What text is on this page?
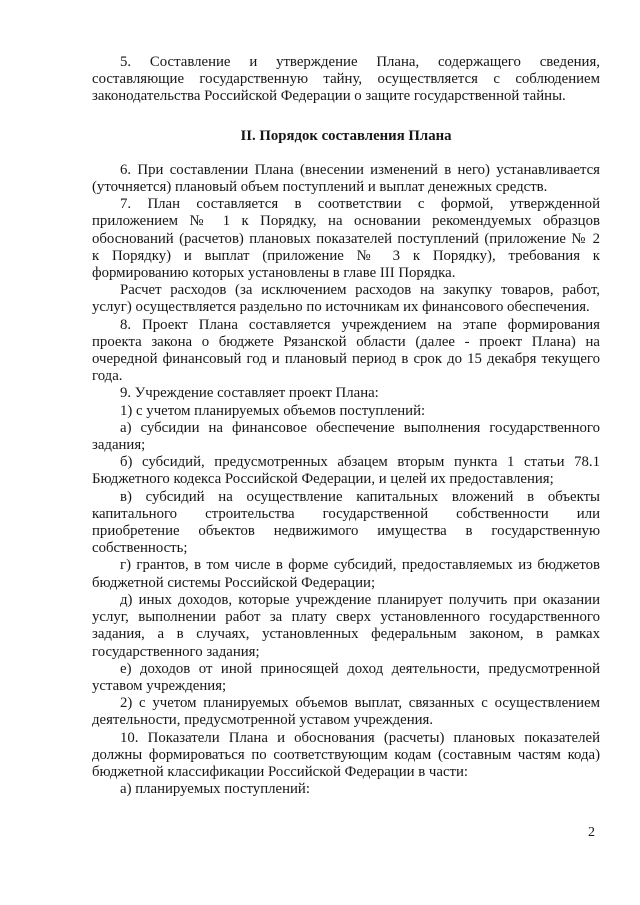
5. Составление и утверждение Плана, содержащего сведения,
составляющие государственную тайну, осуществляется с соблюдением
законодательства Российской Федерации о защите государственной тайны.
II. Порядок составления Плана
6. При составлении Плана (внесении изменений в него) устанавливается
(уточняется) плановый объем поступлений и выплат денежных средств.
7. План составляется в соответствии с формой, утвержденной
приложением № 1 к Порядку, на основании рекомендуемых образцов
обоснований (расчетов) плановых показателей поступлений (приложение № 2
к Порядку) и выплат (приложение № 3 к Порядку), требования к
формированию которых установлены в главе III Порядка.
Расчет расходов (за исключением расходов на закупку товаров, работ,
услуг) осуществляется раздельно по источникам их финансового обеспечения.
8. Проект Плана составляется учреждением на этапе формирования
проекта закона о бюджете Рязанской области (далее - проект Плана) на
очередной финансовый год и плановый период в срок до 15 декабря текущего
года.
9. Учреждение составляет проект Плана:
1) с учетом планируемых объемов поступлений:
а) субсидии на финансовое обеспечение выполнения государственного
задания;
б) субсидий, предусмотренных абзацем вторым пункта 1 статьи 78.1
Бюджетного кодекса Российской Федерации, и целей их предоставления;
в) субсидий на осуществление капитальных вложений в объекты
капитального строительства государственной собственности или
приобретение объектов недвижимого имущества в государственную
собственность;
г) грантов, в том числе в форме субсидий, предоставляемых из бюджетов
бюджетной системы Российской Федерации;
д) иных доходов, которые учреждение планирует получить при оказании
услуг, выполнении работ за плату сверх установленного государственного
задания, а в случаях, установленных федеральным законом, в рамках
государственного задания;
е) доходов от иной приносящей доход деятельности, предусмотренной
уставом учреждения;
2) с учетом планируемых объемов выплат, связанных с осуществлением
деятельности, предусмотренной уставом учреждения.
10. Показатели Плана и обоснования (расчеты) плановых показателей
должны формироваться по соответствующим кодам (составным частям кода)
бюджетной классификации Российской Федерации в части:
а) планируемых поступлений:
2
